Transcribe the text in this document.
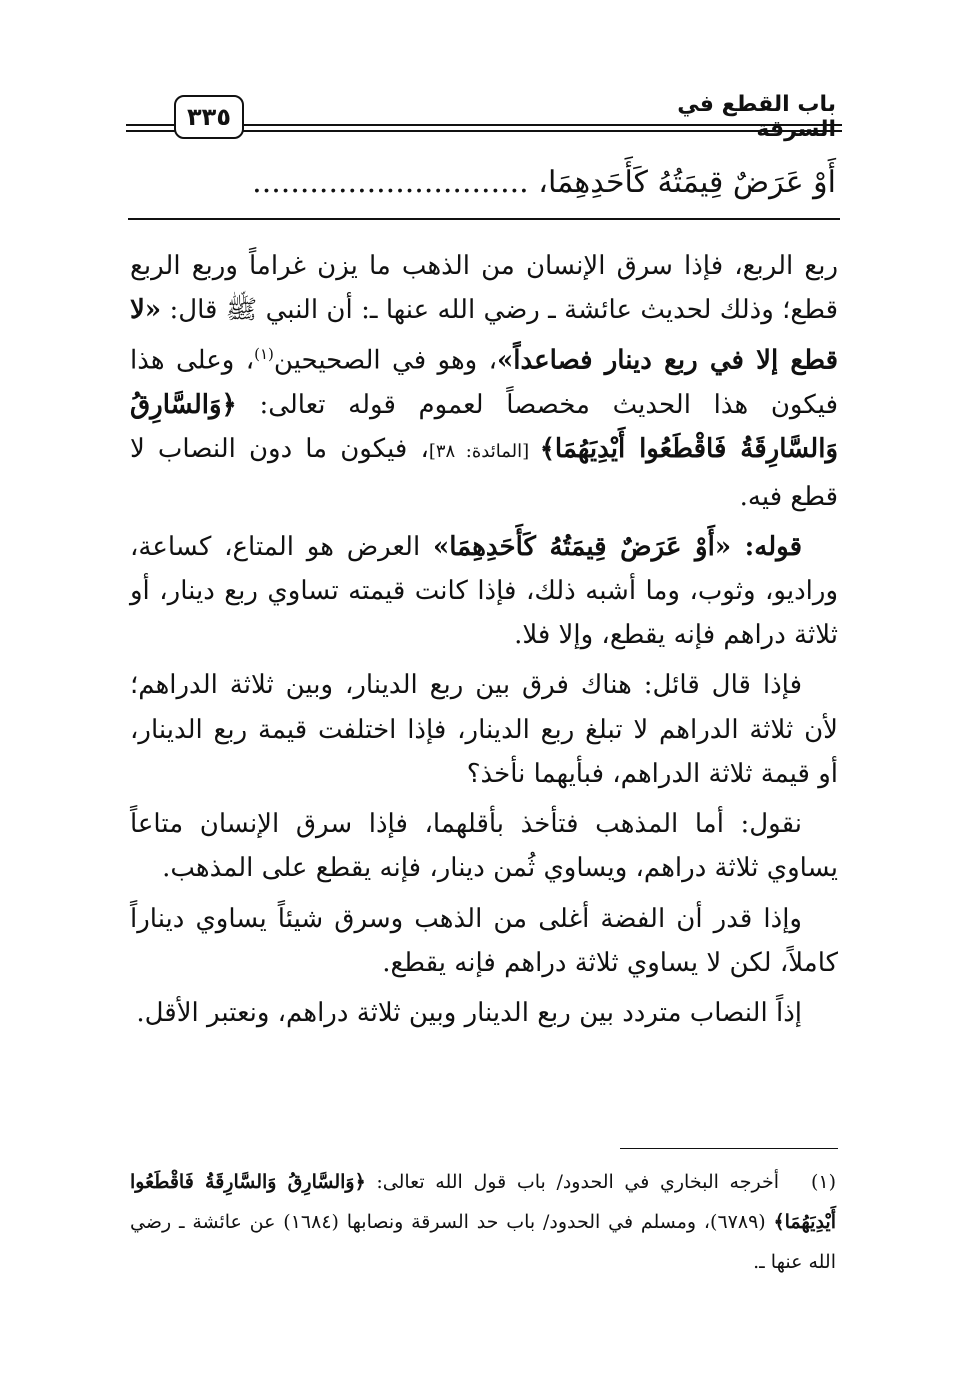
باب القطع في السرقة
٣٣٥
أَوْ عَرَضٌ قِيمَتُهُ كَأَحَدِهِمَا، .............................

ربع الربع، فإذا سرق الإنسان من الذهب ما يزن غراماً وربع الربع قطع؛ وذلك لحديث عائشة ـ رضي الله عنها ـ: أن النبي ﷺ قال: «لا قطع إلا في ربع دينار فصاعداً»، وهو في الصحيحين$^{(١)}$، وعلى هذا فيكون هذا الحديث مخصصاً لعموم قوله تعالى: ﴿وَالسَّارِقُ وَالسَّارِقَةُ فَاقْطَعُوا أَيْدِيَهُمَا﴾ [المائدة: ٣٨]، فيكون ما دون النصاب لا قطع فيه.

قوله: «أَوْ عَرَضٌ قِيمَتُهُ كَأَحَدِهِمَا» العرض هو المتاع، كساعة، وراديو، وثوب، وما أشبه ذلك، فإذا كانت قيمته تساوي ربع دينار، أو ثلاثة دراهم فإنه يقطع، وإلا فلا.

فإذا قال قائل: هناك فرق بين ربع الدينار، وبين ثلاثة الدراهم؛ لأن ثلاثة الدراهم لا تبلغ ربع الدينار، فإذا اختلفت قيمة ربع الدينار، أو قيمة ثلاثة الدراهم، فبأيهما نأخذ؟

نقول: أما المذهب فتأخذ بأقلهما، فإذا سرق الإنسان متاعاً يساوي ثلاثة دراهم، ويساوي ثُمن دينار، فإنه يقطع على المذهب.

وإذا قدر أن الفضة أغلى من الذهب وسرق شيئاً يساوي ديناراً كاملاً، لكن لا يساوي ثلاثة دراهم فإنه يقطع.

إذاً النصاب متردد بين ربع الدينار وبين ثلاثة دراهم، ونعتبر الأقل.

(١)   أخرجه البخاري في الحدود/ باب قول الله تعالى: ﴿وَالسَّارِقُ وَالسَّارِقَةُ فَاقْطَعُوا أَيْدِيَهُمَا﴾ (٦٧٨٩)، ومسلم في الحدود/ باب حد السرقة ونصابها (١٦٨٤) عن عائشة ـ رضي الله عنها ـ.
